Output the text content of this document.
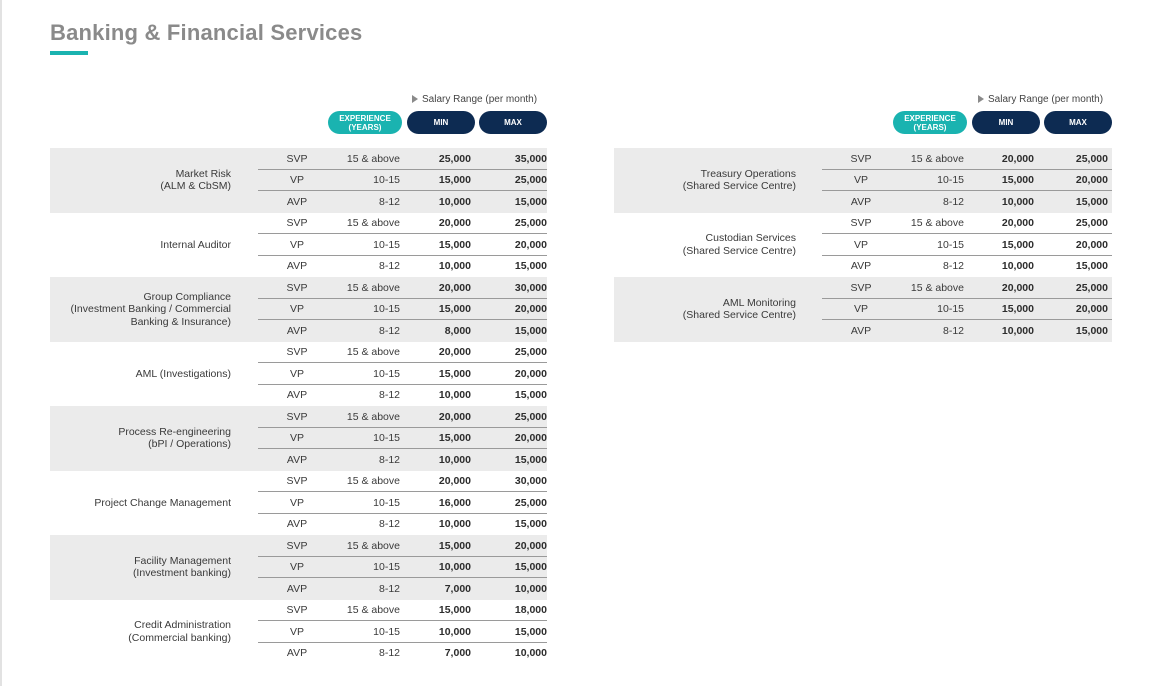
Banking & Financial Services
Salary Range (per month)
EXPERIENCE
(YEARS)	MIN	MAX
Market Risk
(ALM & CbSM)
SVP	15 & above	25,000	35,000
VP	10-15	15,000	25,000
AVP	8-12	10,000	15,000
Internal Auditor
SVP	15 & above	20,000	25,000
VP	10-15	15,000	20,000
AVP	8-12	10,000	15,000
Group Compliance
(Investment Banking / Commercial
Banking & Insurance)
SVP	15 & above	20,000	30,000
VP	10-15	15,000	20,000
AVP	8-12	8,000	15,000
AML (Investigations)
SVP	15 & above	20,000	25,000
VP	10-15	15,000	20,000
AVP	8-12	10,000	15,000
Process Re-engineering
(bPI / Operations)
SVP	15 & above	20,000	25,000
VP	10-15	15,000	20,000
AVP	8-12	10,000	15,000
Project Change Management
SVP	15 & above	20,000	30,000
VP	10-15	16,000	25,000
AVP	8-12	10,000	15,000
Facility Management
(Investment banking)
SVP	15 & above	15,000	20,000
VP	10-15	10,000	15,000
AVP	8-12	7,000	10,000
Credit Administration
(Commercial banking)
SVP	15 & above	15,000	18,000
VP	10-15	10,000	15,000
AVP	8-12	7,000	10,000
Salary Range (per month)
EXPERIENCE
(YEARS)	MIN	MAX
Treasury Operations
(Shared Service Centre)
SVP	15 & above	20,000	25,000
VP	10-15	15,000	20,000
AVP	8-12	10,000	15,000
Custodian Services
(Shared Service Centre)
SVP	15 & above	20,000	25,000
VP	10-15	15,000	20,000
AVP	8-12	10,000	15,000
AML Monitoring
(Shared Service Centre)
SVP	15 & above	20,000	25,000
VP	10-15	15,000	20,000
AVP	8-12	10,000	15,000
